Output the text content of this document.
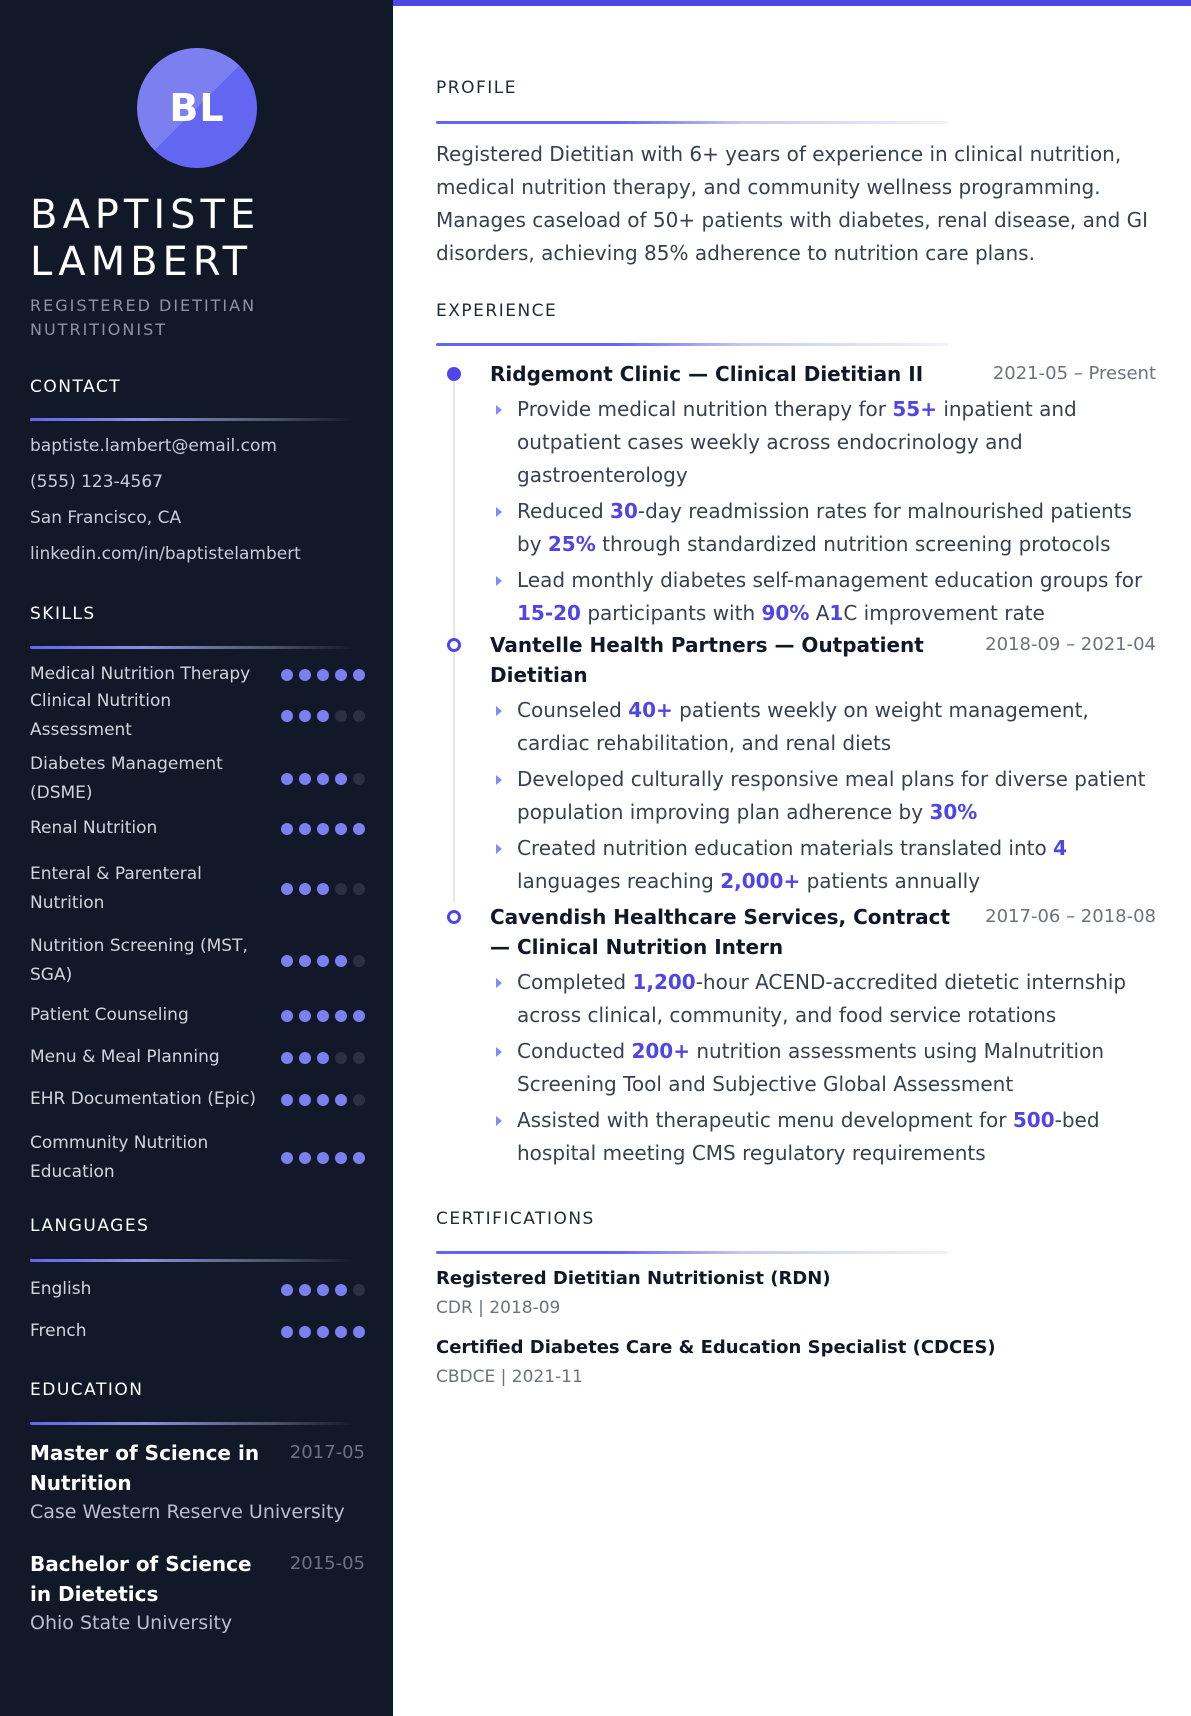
BL
BAPTISTE
LAMBERT
REGISTERED DIETITIAN
NUTRITIONIST
CONTACT
baptiste.lambert@email.com
(555) 123-4567
San Francisco, CA
linkedin.com/in/baptistelambert
SKILLS
Medical Nutrition Therapy
Clinical Nutrition Assessment
Diabetes Management (DSME)
Renal Nutrition
Enteral & Parenteral Nutrition
Nutrition Screening (MST, SGA)
Patient Counseling
Menu & Meal Planning
EHR Documentation (Epic)
Community Nutrition Education
LANGUAGES
English
French
EDUCATION
Master of Science in Nutrition
2017-05
Case Western Reserve University
Bachelor of Science in Dietetics
2015-05
Ohio State University
PROFILE

Registered Dietitian with 6+ years of experience in clinical nutrition, medical nutrition therapy, and community wellness programming. Manages caseload of 50+ patients with diabetes, renal disease, and GI disorders, achieving 85% adherence to nutrition care plans.

EXPERIENCE
Ridgemont Clinic — Clinical Dietitian II	2021-05 – Present
Provide medical nutrition therapy for 55+ inpatient and outpatient cases weekly across endocrinology and gastroenterology
Reduced 30-day readmission rates for malnourished patients by 25% through standardized nutrition screening protocols
Lead monthly diabetes self-management education groups for 15-20 participants with 90% A1C improvement rate
Vantelle Health Partners — Outpatient Dietitian
2018-09 – 2021-04
Counseled 40+ patients weekly on weight management, cardiac rehabilitation, and renal diets
Developed culturally responsive meal plans for diverse patient population improving plan adherence by 30%
Created nutrition education materials translated into 4 languages reaching 2,000+ patients annually
Cavendish Healthcare Services, Contract — Clinical Nutrition Intern
2017-06 – 2018-08
Completed 1,200-hour ACEND-accredited dietetic internship across clinical, community, and food service rotations
Conducted 200+ nutrition assessments using Malnutrition Screening Tool and Subjective Global Assessment
Assisted with therapeutic menu development for 500-bed hospital meeting CMS regulatory requirements
CERTIFICATIONS
Registered Dietitian Nutritionist (RDN)
CDR | 2018-09
Certified Diabetes Care & Education Specialist (CDCES)
CBDCE | 2021-11
